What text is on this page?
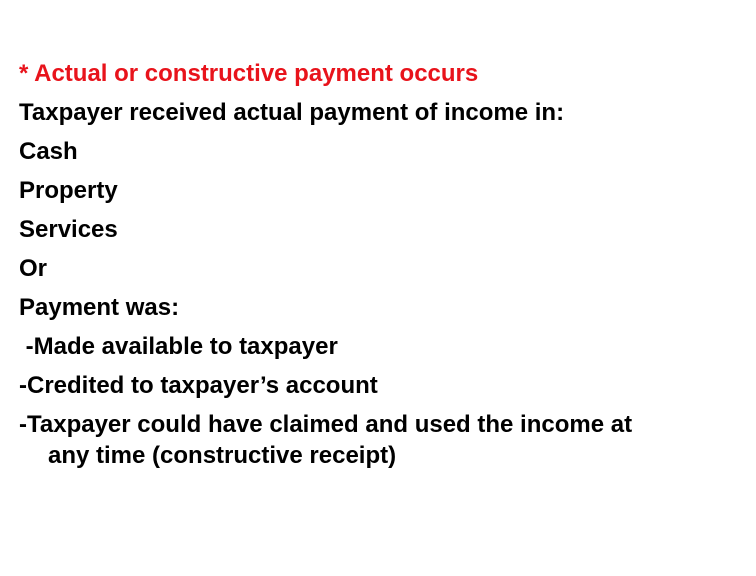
* Actual or constructive payment occurs
Taxpayer received actual payment of income in:
Cash
Property
Services
Or
Payment was:
-Made available to taxpayer
-Credited to taxpayer’s account
-Taxpayer could have claimed and used the income at
any time (constructive receipt)
